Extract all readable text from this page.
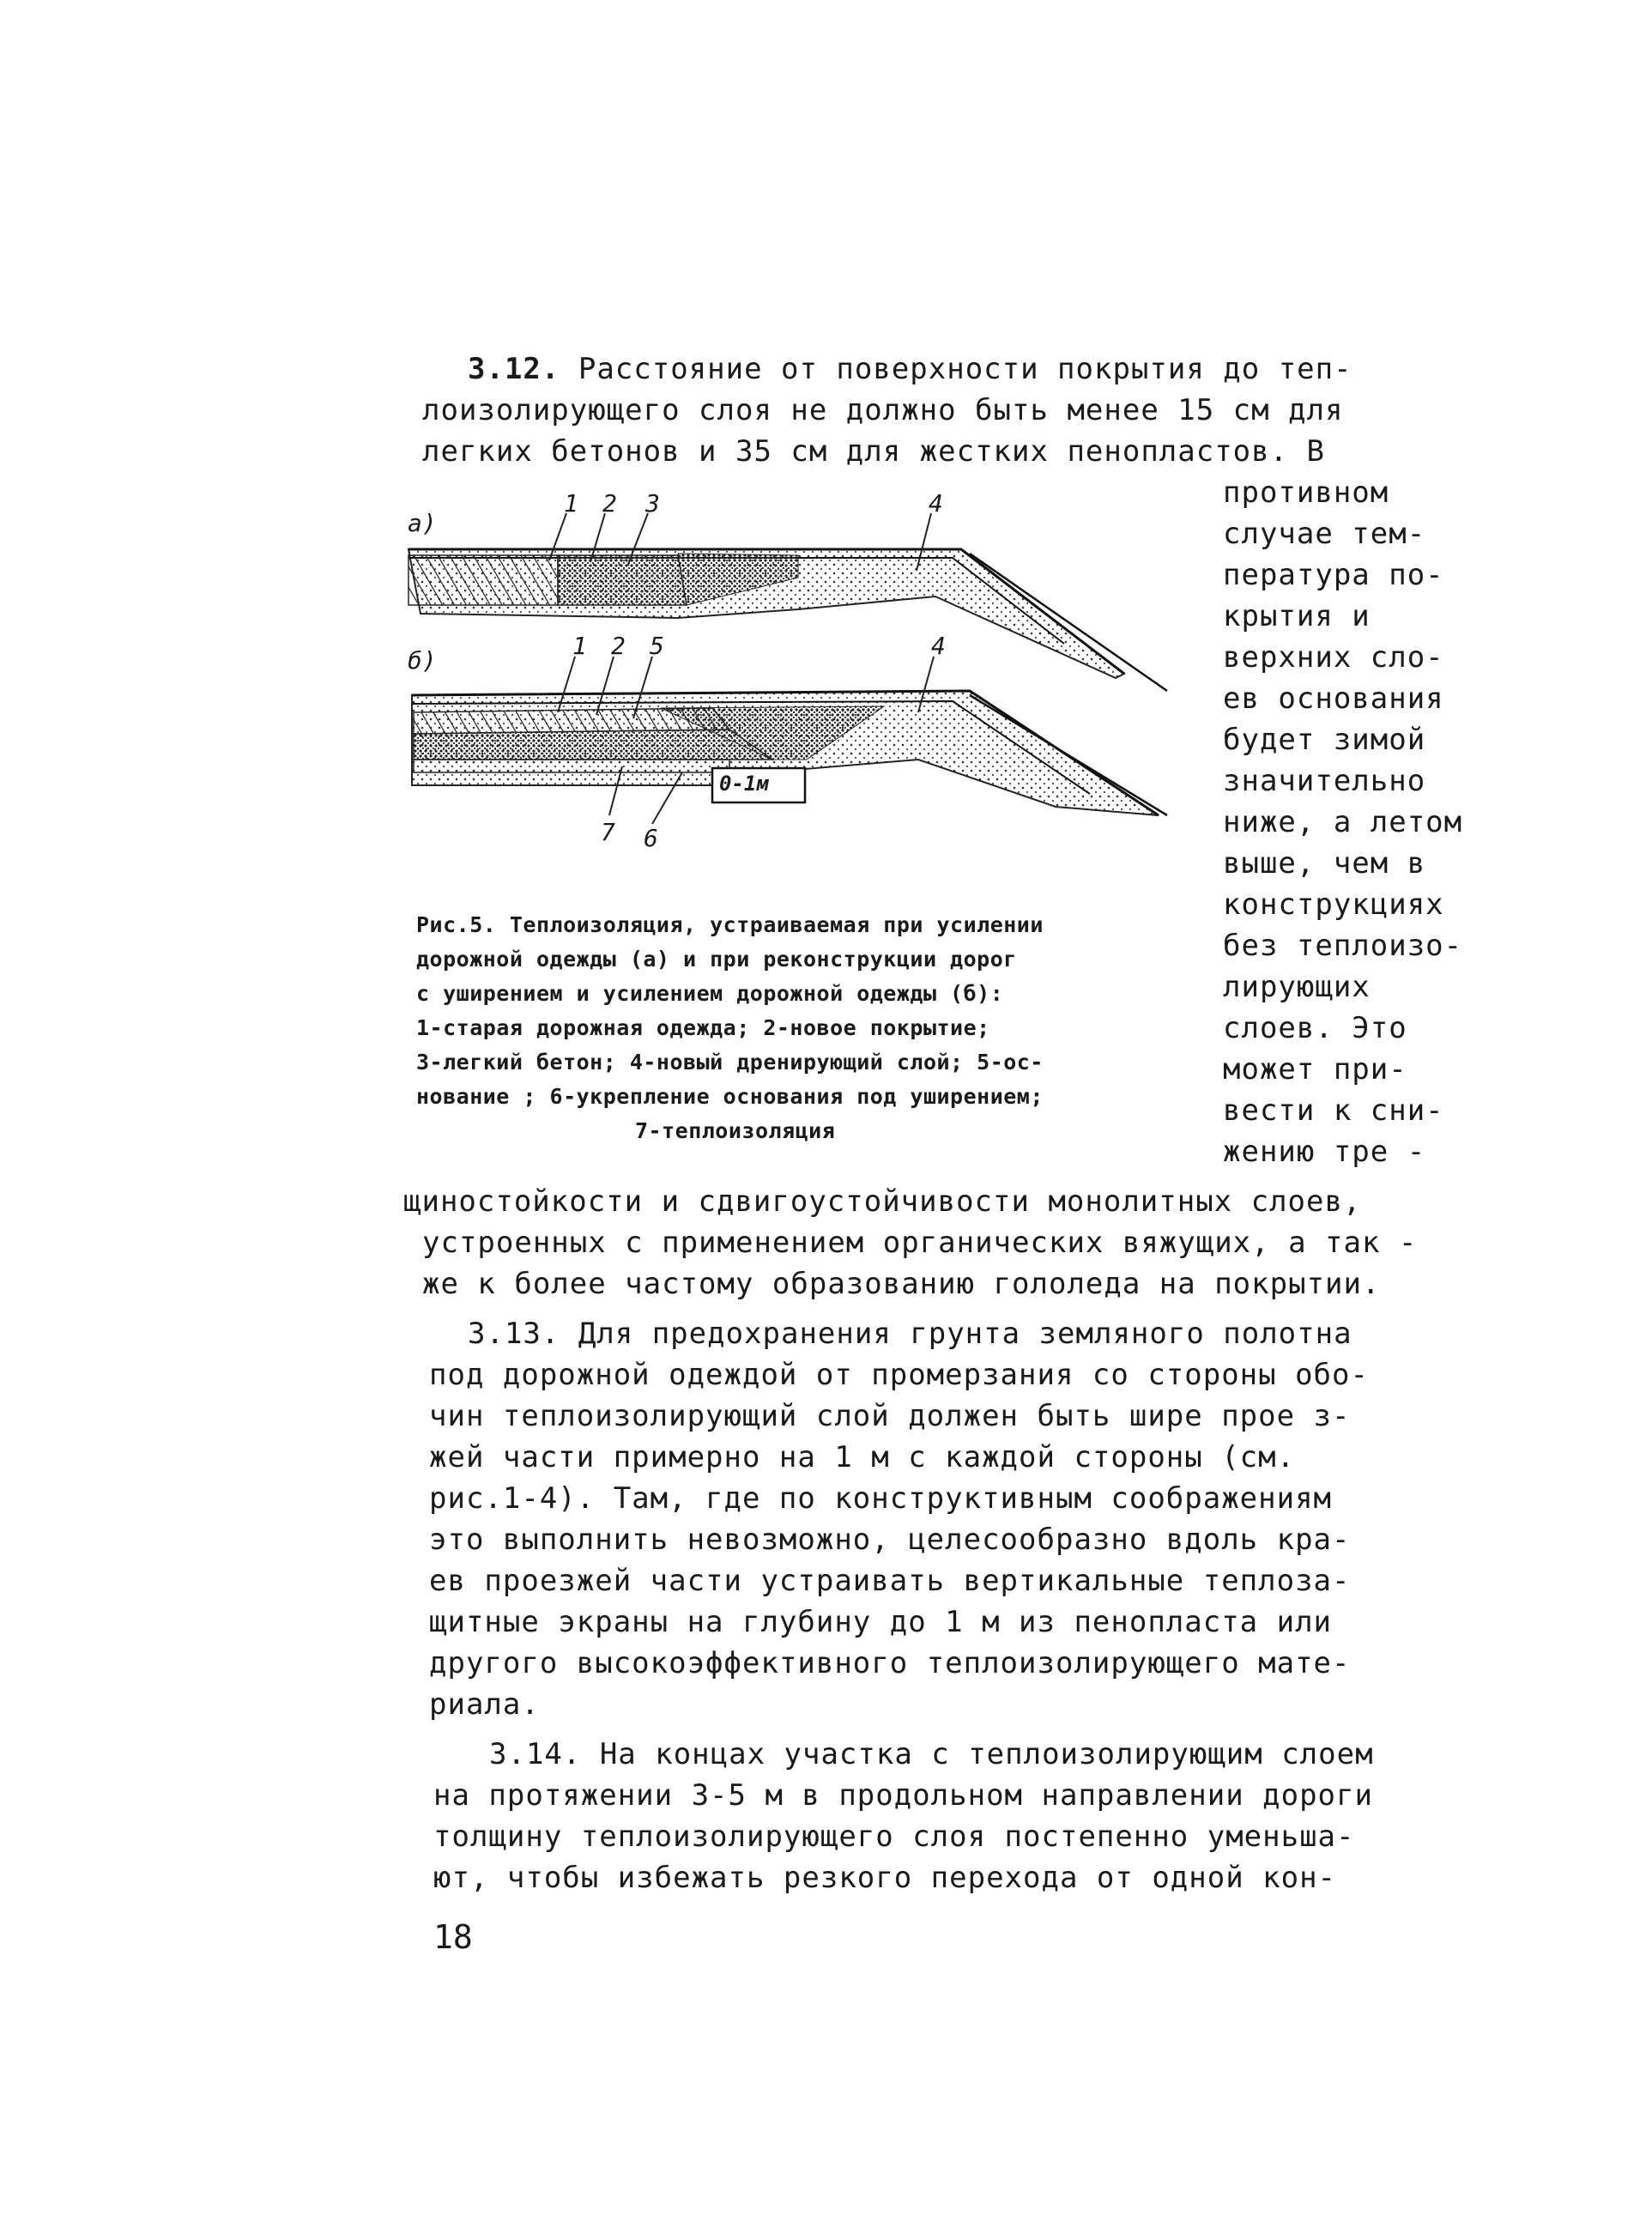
3.12. Расстояние от поверхности покрытия до теп-
лоизолирующего слоя не должно быть менее 15 см для
легких бетонов и 35 см для жестких пенопластов. В
противном
случае тем-
пература по-
крытия и
верхних сло-
ев основания
будет зимой
значительно
ниже, а летом
выше, чем в
конструкциях
без теплоизо-
лирующих
слоев. Это
может при-
вести к сни-
жению тре -
а)
б)
1 2 3	4
1 2 5	4
7 6
0-1м
Рис.5. Теплоизоляция, устраиваемая при усилении
дорожной одежды (а) и при реконструкции дорог
с уширением и усилением дорожной одежды (б):
1-старая дорожная одежда; 2-новое покрытие;
3-легкий бетон; 4-новый дренирующий слой; 5-ос-
нование ; 6-укрепление основания под уширением;
7-теплоизоляция
щиностойкости и сдвигоустойчивости монолитных слоев,
устроенных с применением органических вяжущих, а так -
же к более частому образованию гололеда на покрытии.
3.13. Для предохранения грунта земляного полотна
под дорожной одеждой от промерзания со стороны обо-
чин теплоизолирующий слой должен быть шире прое з-
жей части примерно на 1 м с каждой стороны (см.
рис.1-4). Там, где по конструктивным соображениям
это выполнить невозможно, целесообразно вдоль кра-
ев проезжей части устраивать вертикальные теплоза-
щитные экраны на глубину до 1 м из пенопласта или
другого высокоэффективного теплоизолирующего мате-
риала.
3.14. На концах участка с теплоизолирующим слоем
на протяжении 3-5 м в продольном направлении дороги
толщину теплоизолирующего слоя постепенно уменьша-
ют, чтобы избежать резкого перехода от одной кон-
18
